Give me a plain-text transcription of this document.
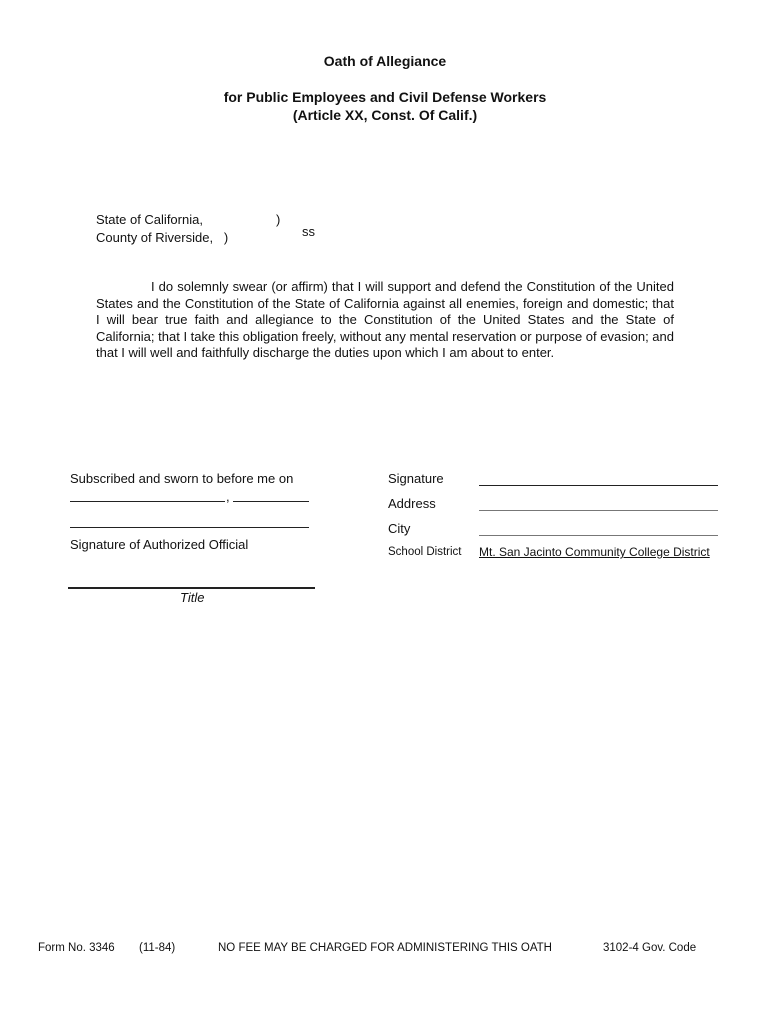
Oath of Allegiance
for Public Employees and Civil Defense Workers
(Article XX, Const. Of Calif.)
State of California,	)
County of Riverside, )	ss
I do solemnly swear (or affirm) that I will support and defend the Constitution of the United States and the Constitution of the State of California against all enemies, foreign and domestic; that I will bear true faith and allegiance to the Constitution of the United States and the State of California; that I take this obligation freely, without any mental reservation or purpose of evasion; and that I will well and faithfully discharge the duties upon which I am about to enter.
Subscribed and sworn to before me on
,
Signature of Authorized Official
Title
Signature
Address
City
School District Mt. San Jacinto Community College District
Form No. 3346 (11-84)	NO FEE MAY BE CHARGED FOR ADMINISTERING THIS OATH	3102-4 Gov. Code
